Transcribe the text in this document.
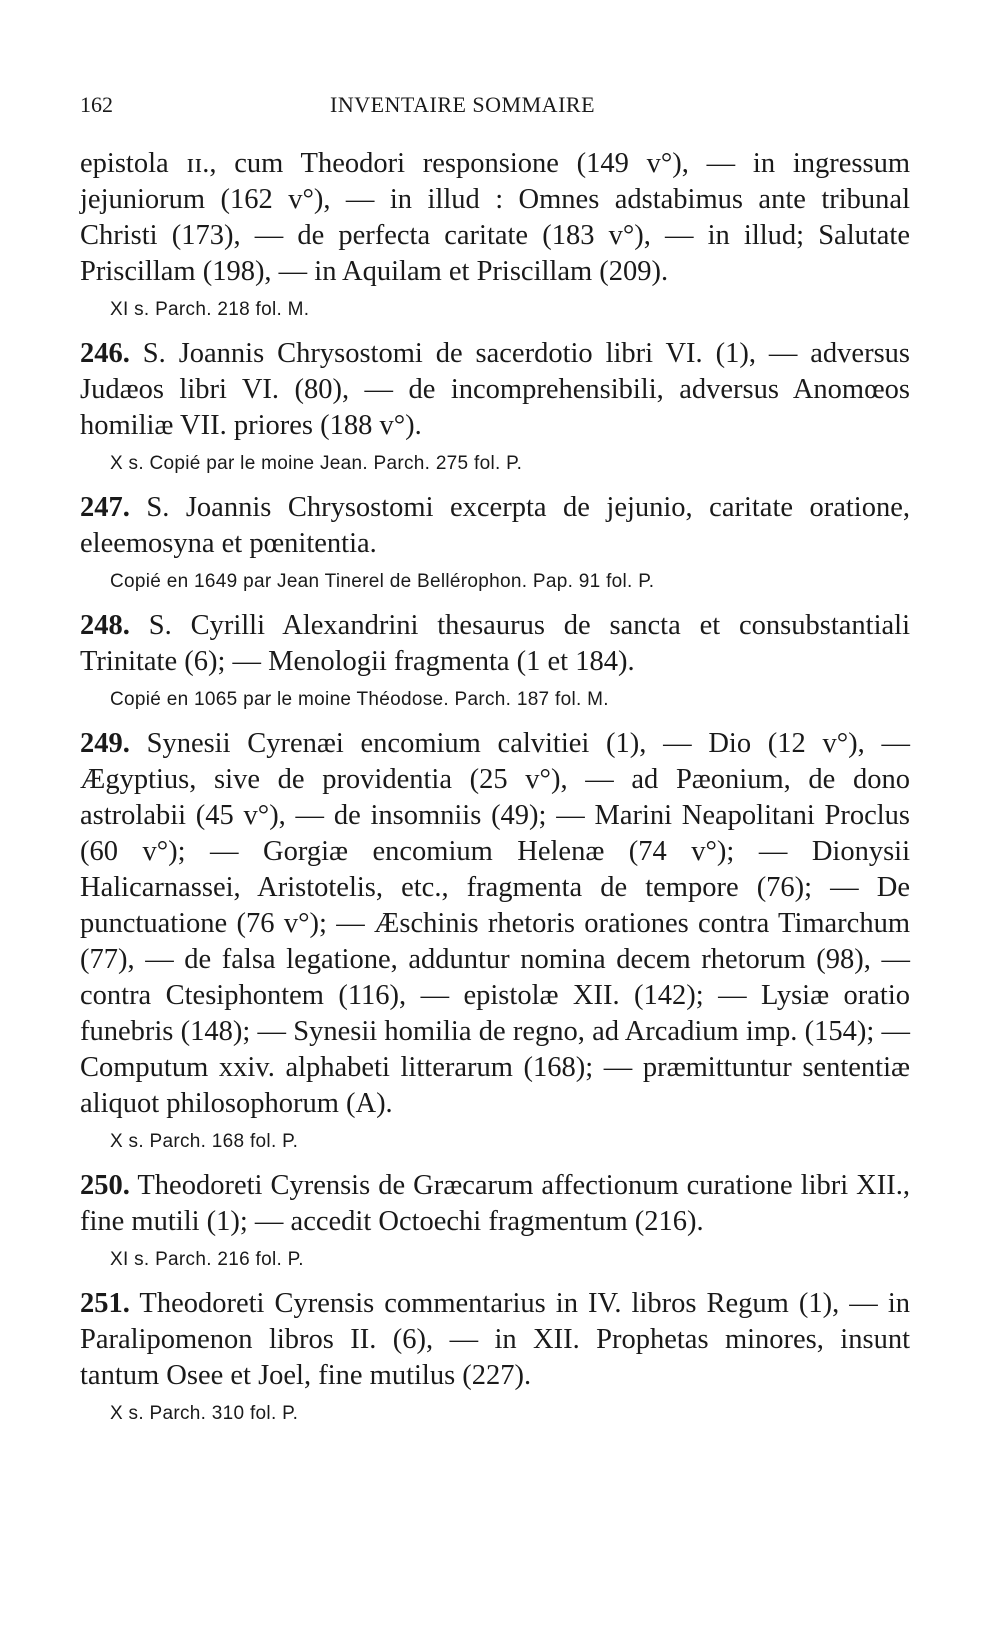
162	INVENTAIRE SOMMAIRE
epistola ɪɪ., cum Theodori responsione (149 v°), — in ingressum jejuniorum (162 v°), — in illud : Omnes adstabimus ante tribunal Christi (173), — de perfecta caritate (183 v°), — in illud; Salutate Priscillam (198), — in Aquilam et Priscillam (209).
XI s. Parch. 218 fol. M.
246. S. Joannis Chrysostomi de sacerdotio libri VI. (1), — adversus Judæos libri VI. (80), — de incomprehensibili, adversus Anomœos homiliæ VII. priores (188 v°).
X s. Copié par le moine Jean. Parch. 275 fol. P.
247. S. Joannis Chrysostomi excerpta de jejunio, caritate oratione, eleemosyna et pœnitentia.
Copié en 1649 par Jean Tinerel de Bellérophon. Pap. 91 fol. P.
248. S. Cyrilli Alexandrini thesaurus de sancta et consubstantiali Trinitate (6); — Menologii fragmenta (1 et 184).
Copié en 1065 par le moine Théodose. Parch. 187 fol. M.
249. Synesii Cyrenæi encomium calvitiei (1), — Dio (12 v°), — Ægyptius, sive de providentia (25 v°), — ad Pæonium, de dono astrolabii (45 v°), — de insomniis (49); — Marini Neapolitani Proclus (60 v°); — Gorgiæ encomium Helenæ (74 v°); — Dionysii Halicarnassei, Aristotelis, etc., fragmenta de tempore (76); — De punctuatione (76 v°); — Æschinis rhetoris orationes contra Timarchum (77), — de falsa legatione, adduntur nomina decem rhetorum (98), — contra Ctesiphontem (116), — epistolæ XII. (142); — Lysiæ oratio funebris (148); — Synesii homilia de regno, ad Arcadium imp. (154); — Computum xxiv. alphabeti litterarum (168); — præmittuntur sententiæ aliquot philosophorum (A).
X s. Parch. 168 fol. P.
250. Theodoreti Cyrensis de Græcarum affectionum curatione libri XII., fine mutili (1); — accedit Octoechi fragmentum (216).
XI s. Parch. 216 fol. P.
251. Theodoreti Cyrensis commentarius in IV. libros Regum (1), — in Paralipomenon libros II. (6), — in XII. Prophetas minores, insunt tantum Osee et Joel, fine mutilus (227).
X s. Parch. 310 fol. P.
